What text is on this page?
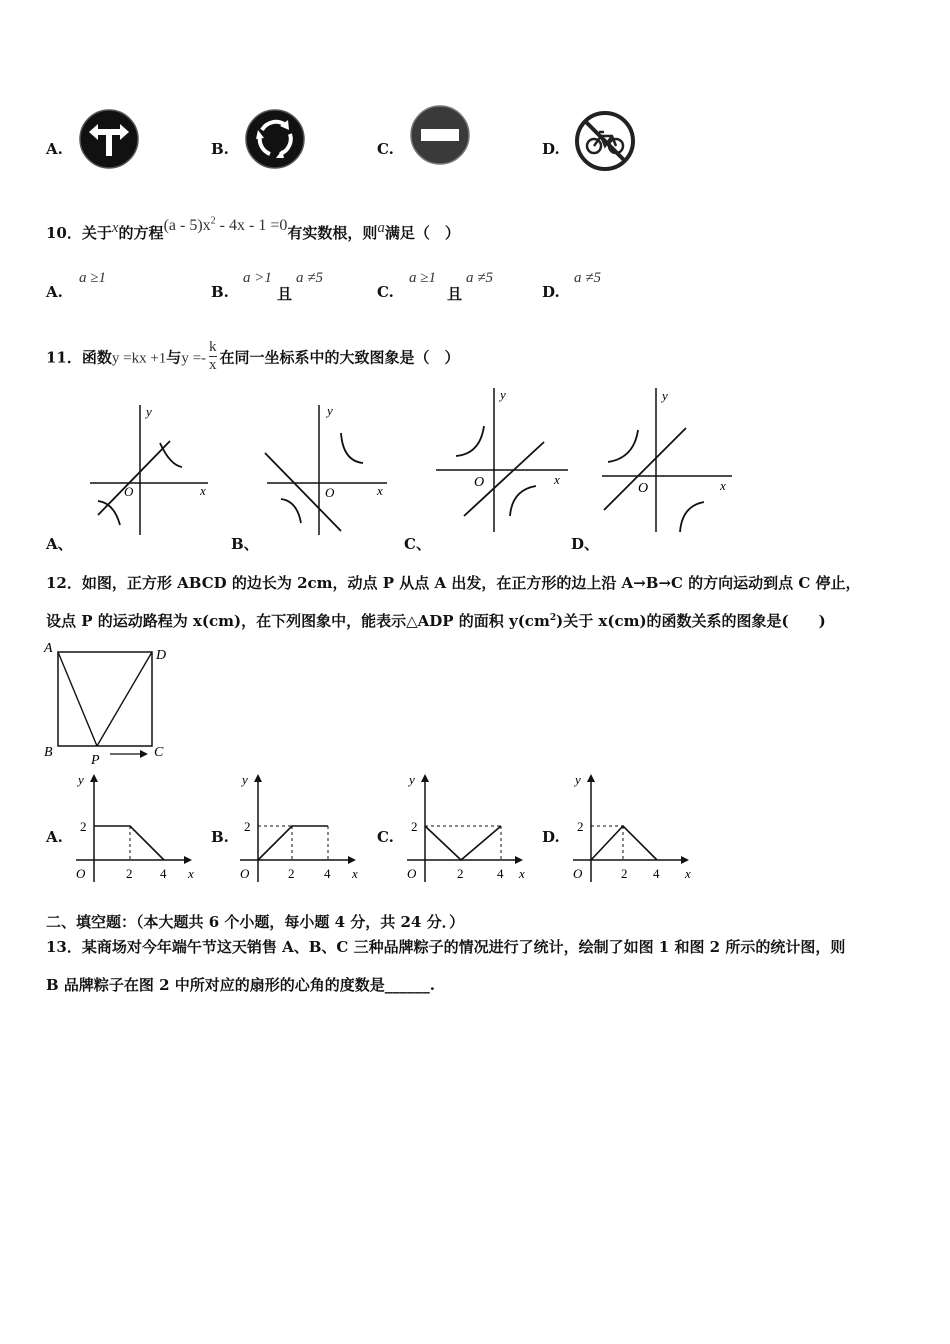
A.	B.	C.	D.
10．关于x的方程$(a - 5)x^2 - 4x - 1 =0$有实数根，则a满足（　）
A.
a ≥1
B.
a >1
且
a ≠5
C.
a ≥1
且
a ≠5
D.
a ≠5
11．函数y =kx +1与$y =- \frac{k}{x}$ 在同一坐标系中的大致图象是（　）
y
x
O
A、
y
x
O
B、
y
x
O
C、
y
x
O
D、
12．如图，正方形 ABCD 的边长为 2cm，动点 P 从点 A 出发，在正方形的边上沿 A→B→C 的方向运动到点 C 停止，
设点 P 的运动路程为 x(cm)，在下列图象中，能表示△ADP 的面积 $y(cm^2)$关于 x(cm)的函数关系的图象是(　　)
A	D
B	C
P
A.
y
2
O	2 4 x
B.
y
2
O	2 4 x
C.
y
2
O	2	4 x
D.
y
2
O	2 4 x
二、填空题：（本大题共 6 个小题，每小题 4 分，共 24 分．）
13．某商场对今年端午节这天销售 A、B、C 三种品牌粽子的情况进行了统计，绘制了如图 1 和图 2 所示的统计图，则
B 品牌粽子在图 2 中所对应的扇形的心角的度数是______.
